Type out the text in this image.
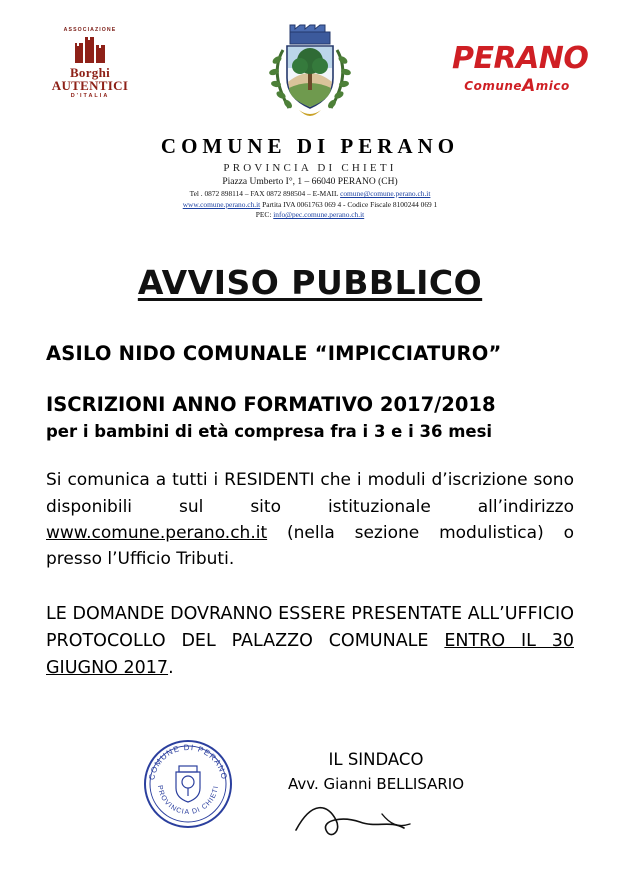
ASSOCIAZIONE
Borghi
AUTENTICI
D'ITALIA
PERANO
ComuneAmico
COMUNE DI PERANO
PROVINCIA DI CHIETI
Piazza Umberto I°, 1 – 66040 PERANO (CH)
Tel . 0872 898114 – FAX 0872 898504 – E-MAIL comune@comune.perano.ch.it
www.comune.perano.ch.it Partita IVA 0061763 069 4 - Codice Fiscale 8100244 069 1
PEC: info@pec.comune.perano.ch.it
AVVISO PUBBLICO
ASILO NIDO COMUNALE “IMPICCIATURO”
ISCRIZIONI ANNO FORMATIVO 2017/2018
per i bambini di età compresa fra i 3 e i 36 mesi
Si comunica a tutti i RESIDENTI che i moduli d’iscrizione sono disponibili sul sito istituzionale all’indirizzo www.comune.perano.ch.it (nella sezione modulistica) o presso l’Ufficio Tributi.
LE DOMANDE DOVRANNO ESSERE PRESENTATE ALL’UFFICIO PROTOCOLLO DEL PALAZZO COMUNALE ENTRO IL 30 GIUGNO 2017.
COMUNE DI PERANO
PROVINCIA DI CHIETI
IL SINDACO
Avv. Gianni BELLISARIO
